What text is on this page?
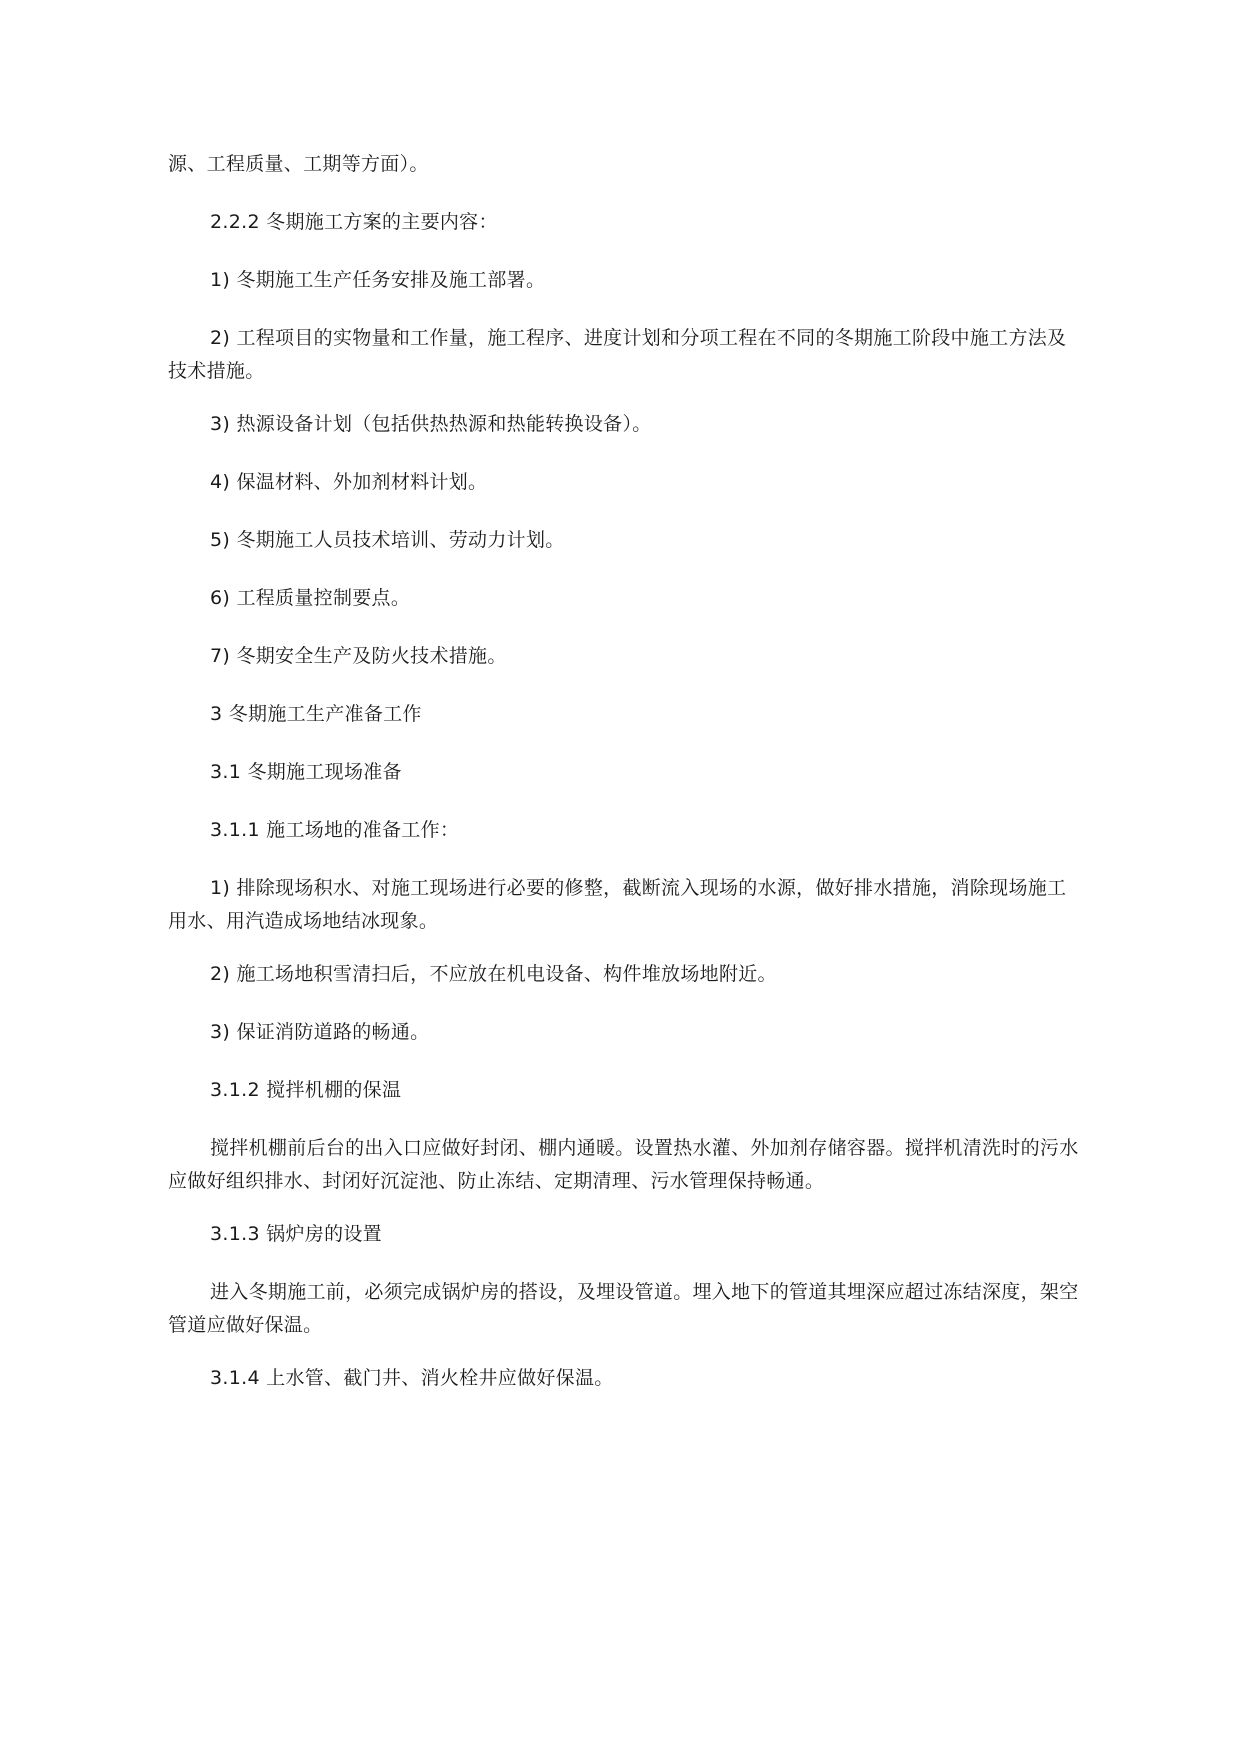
源、工程质量、工期等方面）。

2.2.2 冬期施工方案的主要内容：

1) 冬期施工生产任务安排及施工部署。

2) 工程项目的实物量和工作量，施工程序、进度计划和分项工程在不同的冬期施工阶段中施工方法及技术措施。

3) 热源设备计划（包括供热热源和热能转换设备）。

4) 保温材料、外加剂材料计划。

5) 冬期施工人员技术培训、劳动力计划。

6) 工程质量控制要点。

7) 冬期安全生产及防火技术措施。

3 冬期施工生产准备工作

3.1 冬期施工现场准备

3.1.1 施工场地的准备工作：

1) 排除现场积水、对施工现场进行必要的修整，截断流入现场的水源，做好排水措施，消除现场施工用水、用汽造成场地结冰现象。

2) 施工场地积雪清扫后，不应放在机电设备、构件堆放场地附近。

3) 保证消防道路的畅通。

3.1.2 搅拌机棚的保温

搅拌机棚前后台的出入口应做好封闭、棚内通暖。设置热水灌、外加剂存储容器。搅拌机清洗时的污水应做好组织排水、封闭好沉淀池、防止冻结、定期清理、污水管理保持畅通。

3.1.3 锅炉房的设置

进入冬期施工前，必须完成锅炉房的搭设，及埋设管道。埋入地下的管道其埋深应超过冻结深度，架空管道应做好保温。

3.1.4 上水管、截门井、消火栓井应做好保温。
